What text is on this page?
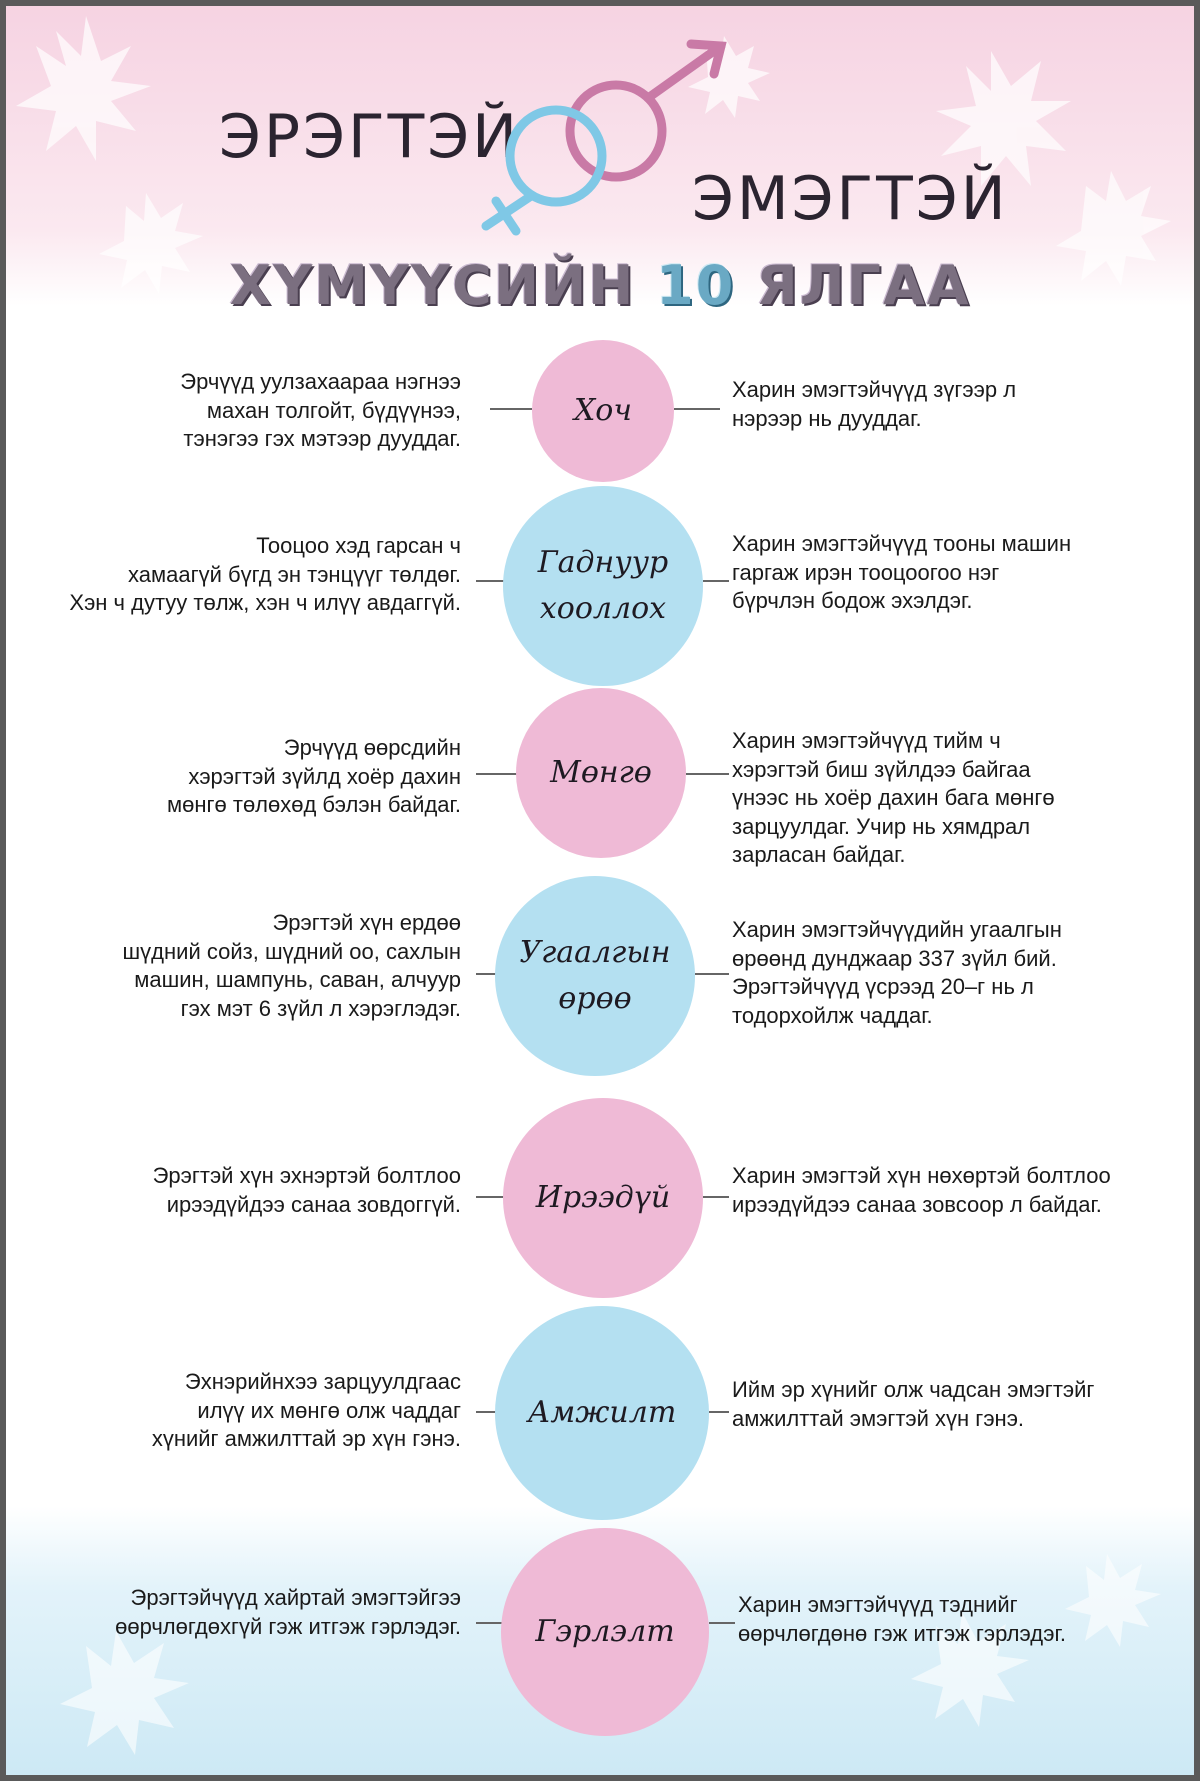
ЭРЭГТЭЙ
ЭМЭГТЭЙ
ХҮМҮҮСИЙН 10 ЯЛГАА
Эрчүүд уулзахаараа нэгнээ
махан толгойт, бүдүүнээ,
тэнэгээ гэх мэтээр дууддаг.
Хоч
Харин эмэгтэйчүүд зүгээр л
нэрээр нь дууддаг.
Тооцоо хэд гарсан ч
хамаагүй бүгд эн тэнцүүг төлдөг.
Хэн ч дутуу төлж, хэн ч илүү авдаггүй.
Гаднуур
хооллох
Харин эмэгтэйчүүд тооны машин
гаргаж ирэн тооцоогоо нэг
бүрчлэн бодож эхэлдэг.
Эрчүүд өөрсдийн
хэрэгтэй зүйлд хоёр дахин
мөнгө төлөхөд бэлэн байдаг.
Мөнгө
Харин эмэгтэйчүүд тийм ч
хэрэгтэй биш зүйлдээ байгаа
үнээс нь хоёр дахин бага мөнгө
зарцуулдаг. Учир нь хямдрал
зарласан байдаг.
Эрэгтэй хүн ердөө
шүдний сойз, шүдний оо, сахлын
машин, шампунь, саван, алчуур
гэх мэт 6 зүйл л хэрэглэдэг.
Угаалгын
өрөө
Харин эмэгтэйчүүдийн угаалгын
өрөөнд дунджаар 337 зүйл бий.
Эрэгтэйчүүд үсрээд 20–г нь л
тодорхойлж чаддаг.
Эрэгтэй хүн эхнэртэй болтлоо
ирээдүйдээ санаа зовдоггүй. Ирээдүй
Харин эмэгтэй хүн нөхөртэй болтлоо
ирээдүйдээ санаа зовсоор л байдаг.
Эхнэрийнхээ зарцуулдгаас
илүү их мөнгө олж чаддаг
хүнийг амжилттай эр хүн гэнэ.
Амжилт
Ийм эр хүнийг олж чадсан эмэгтэйг
амжилттай эмэгтэй хүн гэнэ.
Эрэгтэйчүүд хайртай эмэгтэйгээ
өөрчлөгдөхгүй гэж итгэж гэрлэдэг. Гэрлэлт
Харин эмэгтэйчүүд тэднийг
өөрчлөгдөнө гэж итгэж гэрлэдэг.
